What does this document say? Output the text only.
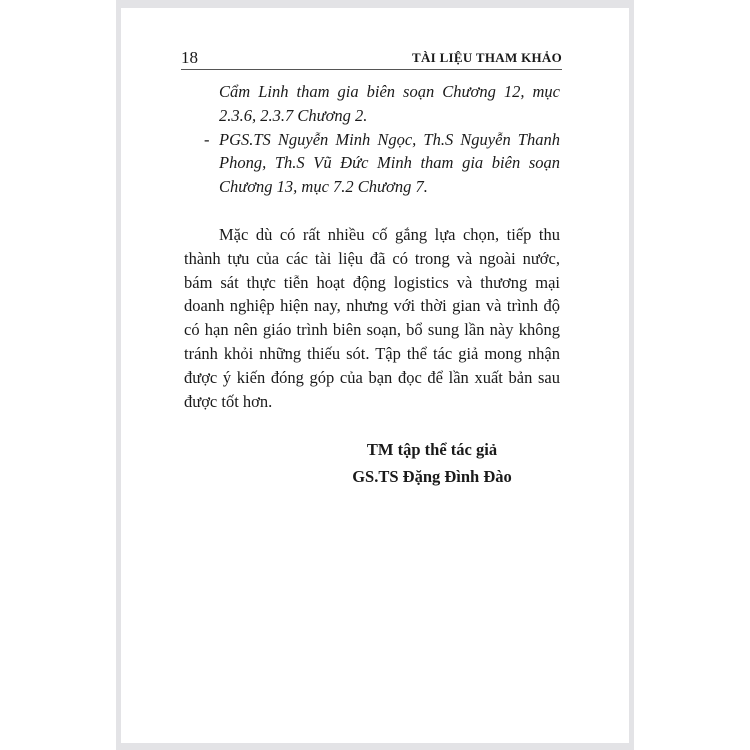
18	TÀI LIỆU THAM KHẢO
Cẩm Linh tham gia biên soạn Chương 12, mục 2.3.6, 2.3.7 Chương 2.
- PGS.TS Nguyễn Minh Ngọc, Th.S Nguyễn Thanh Phong, Th.S Vũ Đức Minh tham gia biên soạn Chương 13, mục 7.2 Chương 7.

Mặc dù có rất nhiều cố gắng lựa chọn, tiếp thu thành tựu của các tài liệu đã có trong và ngoài nước, bám sát thực tiễn hoạt động logistics và thương mại doanh nghiệp hiện nay, nhưng với thời gian và trình độ có hạn nên giáo trình biên soạn, bổ sung lần này không tránh khỏi những thiếu sót. Tập thể tác giả mong nhận được ý kiến đóng góp của bạn đọc để lần xuất bản sau được tốt hơn.

TM tập thể tác giả
GS.TS Đặng Đình Đào
